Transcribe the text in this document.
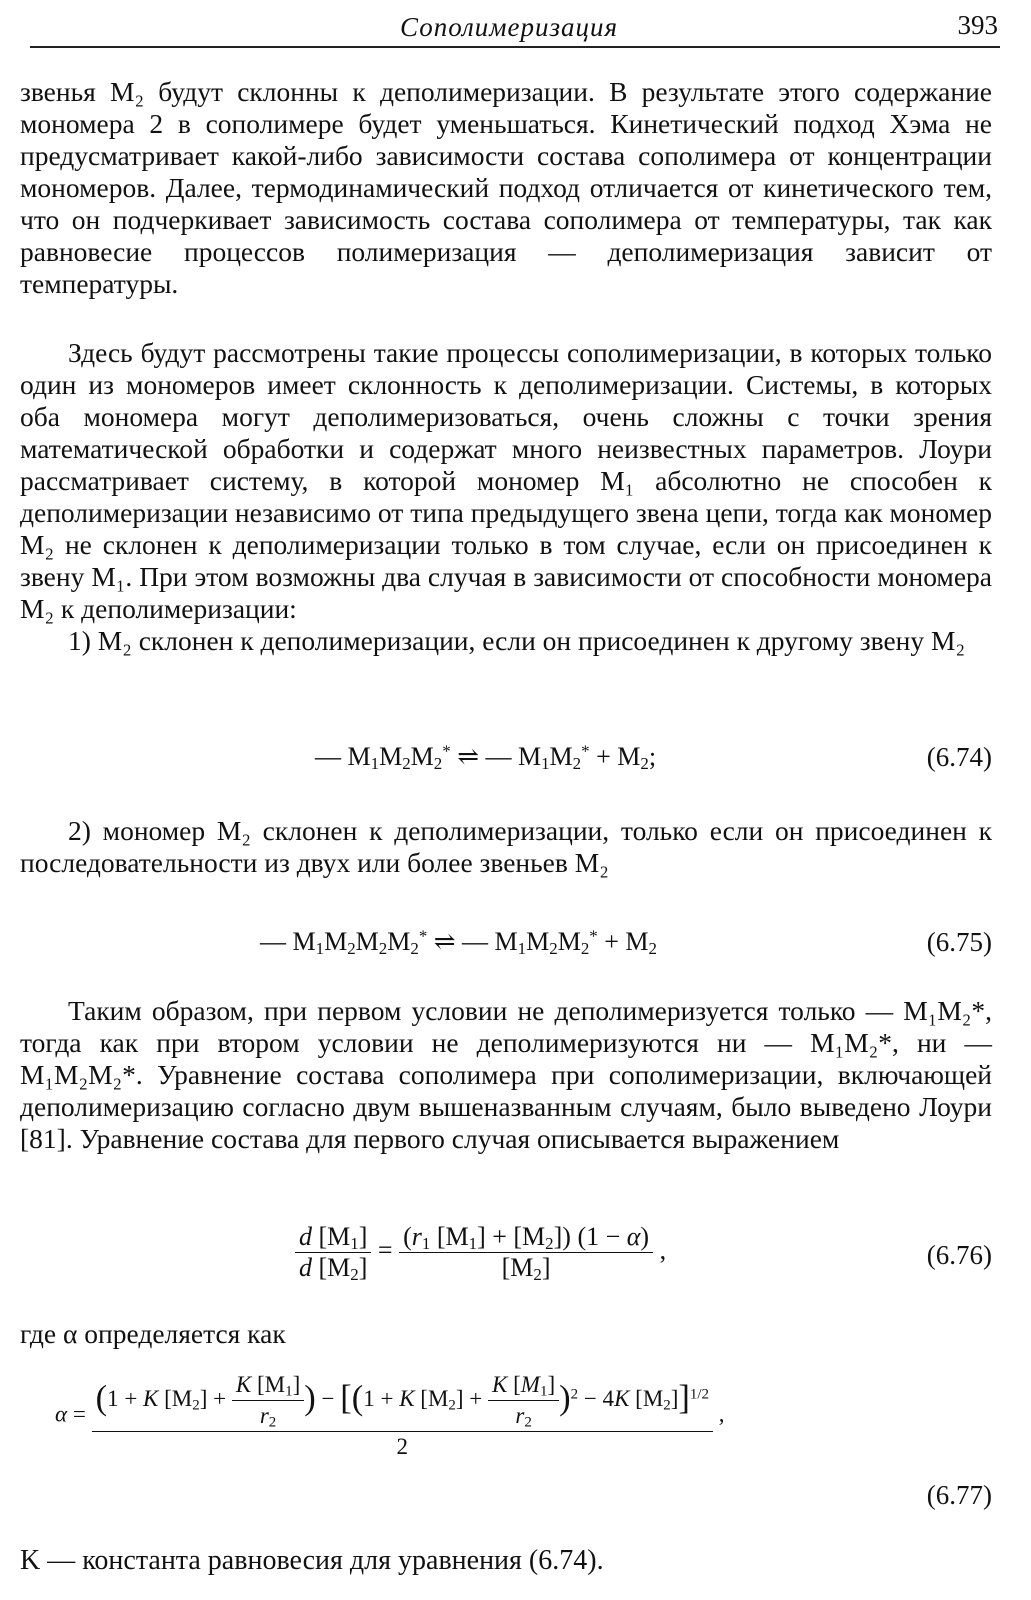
Сополимеризация	393

звенья M₂ будут склонны к деполимеризации. В результате этого содержание мономера 2 в сополимере будет уменьшаться. Кинетический подход Хэма не предусматривает какой-либо зависимости состава сополимера от концентрации мономеров. Далее, термодинамический подход отличается от кинетического тем, что он подчеркивает зависимость состава сополимера от температуры, так как равновесие процессов полимеризация — деполимеризация зависит от температуры.

Здесь будут рассмотрены такие процессы сополимеризации, в которых только один из мономеров имеет склонность к деполимеризации. Системы, в которых оба мономера могут деполимеризоваться, очень сложны с точки зрения математической обработки и содержат много неизвестных параметров. Лоури рассматривает систему, в которой мономер M₁ абсолютно не способен к деполимеризации независимо от типа предыдущего звена цепи, тогда как мономер M₂ не склонен к деполимеризации только в том случае, если он присоединен к звену M₁. При этом возможны два случая в зависимости от способности мономера M₂ к деполимеризации:

1) M₂ склонен к деполимеризации, если он присоединен к другому звену M₂

— $M_1M_2M_2^*$ ⇌ — $M_1M_2^* + M_2$;	(6.74)

2) мономер M₂ склонен к деполимеризации, только если он присоединен к последовательности из двух или более звеньев M₂

— $M_1M_2M_2M_2^*$ ⇌ — $M_1M_2M_2^* + M_2$	(6.75)

Таким образом, при первом условии не деполимеризуется только — M₁M₂*, тогда как при втором условии не деполимеризуются ни — M₁M₂*, ни — M₁M₂M₂*. Уравнение состава сополимера при сополимеризации, включающей деполимеризацию согласно двум вышеназванным случаям, было выведено Лоури [81]. Уравнение состава для первого случая описывается выражением

$\frac{d [M_1]}{d [M_2]} = \frac{(r_1 [M_1] + [M_2]) (1 - \alpha)}{[M_2]}$ ,	(6.76)

где α определяется как

α = (1 + K $[M_2] + \frac{K [M_1]}{r_2}$ ) − [(1 + K $[M_2] + \frac{K [M_1]}{r_2} )^2 - 4K$ $[M_2]]^{1/2}$
2
,
(6.77)
K — константа равновесия для уравнения (6.74).
